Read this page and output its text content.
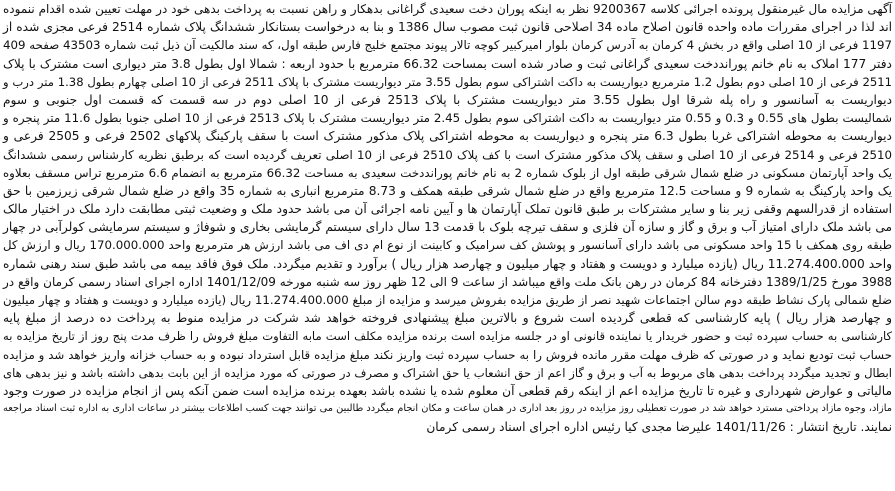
آگهی مزایده مال غیرمنقول پرونده اجرائی کلاسه 9200367 نظر به اینکه پوران دخت سعیدی گراغانی بدهکار و راهن نسبت به پرداخت بدهی خود در مهلت تعیین شده اقدام ننموده
اند لذا در اجرای مقررات ماده واحده قانون اصلاح ماده 34 اصلاحی قانون ثبت مصوب سال 1386 و بنا به درخواست بستانکار ششدانگ پلاک شماره 2514 فرعی مجزی شده از
1197 فرعی از 10 اصلی واقع در بخش 4 کرمان به آدرس کرمان بلوار امیرکبیر کوچه تالار پیوند مجتمع خلیج فارس طبقه اول، که سند مالکیت آن ذیل ثبت شماره 43503 صفحه 409
دفتر 177 املاک به نام خانم پورانددخت سعیدی گراغانی ثبت و صادر شده است بمساحت 66.32 مترمربع با حدود اربعه : شمالا اول بطول 3.8 متر دیواری است مشترک با پلاک
2511 فرعی از 10 اصلی دوم بطول 1.2 مترمربع دیواریست به داکت اشتراکی سوم بطول 3.55 متر دیواریست مشترک با پلاک 2511 فرعی از 10 اصلی چهارم بطول 1.38 متر درب و
دیواریست به آسانسور و راه پله شرقا اول بطول 3.55 متر دیواریست مشترک با پلاک 2513 فرعی از 10 اصلی دوم در سه قسمت که قسمت اول جنوبی و سوم
شمالیست بطول های 0.55 و 0.3 و 0.55 متر دیواریست به داکت اشتراکی سوم بطول 2.45 متر دیواریست مشترک با پلاک 2513 فرعی از 10 اصلی جنوبا بطول 11.6 متر پنجره و
دیواریست به محوطه اشتراکی غربا بطول 6.3 متر پنجره و دیواریست به محوطه اشتراکی پلاک مذکور مشترک است با سقف پارکینگ پلاکهای 2502 فرعی و 2505 فرعی و
2510 فرعی و 2514 فرعی از 10 اصلی و سقف پلاک مذکور مشترک است با کف پلاک 2510 فرعی از 10 اصلی تعریف گردیده است که برطبق نظریه کارشناس رسمی ششدانگ
یک واحد آپارتمان مسکونی در ضلع شمال شرقی طبقه اول از بلوک شماره 2 به نام خانم پورانددخت سعیدی به مساحت 66.32 مترمربع به انضمام 6.6 مترمربع تراس مسقف بعلاوه
یک واحد پارکینگ به شماره 9 و مساحت 12.5 مترمربع واقع در ضلع شمال شرقی طبقه همکف و 8.73 مترمربع انباری به شماره 35 واقع در ضلع شمال شرقی زیرزمین با حق
استفاده از قدرالسهم وقفی زیر بنا و سایر مشترکات بر طبق قانون تملک آپارتمان ها و آیین نامه اجرائی آن می باشد حدود ملک و وضعیت ثبتی مطابقت دارد ملک در اختیار مالک
می باشد ملک دارای امتیاز آب و برق و گاز و سازه آن فلزی و سقف تیرچه بلوک با قدمت 13 سال دارای سیستم گرمایشی بخاری و شوفاژ و سیستم سرمایشی کولرآبی در چهار
طبقه روی همکف با 15 واحد مسکونی می باشد دارای آسانسور و پوشش کف سرامیک و کابینت از نوع ام دی اف می باشد ارزش هر مترمربع واحد 170.000.000 ریال و ارزش کل
واحد 11.274.400.000 ریال (یازده میلیارد و دویست و هفتاد و چهار میلیون و چهارصد هزار ریال ) برآورد و تقدیم میگردد. ملک فوق فاقد بیمه می باشد طبق سند رهنی شماره
3988 مورخ 1389/1/25 دفترخانه 84 کرمان در رهن بانک ملت واقع میباشد از ساعت 9 الی 12 ظهر روز سه شنبه مورخه 1401/12/09 اداره اجرای اسناد رسمی کرمان واقع در
ضلع شمالی پارک نشاط طبقه دوم سالن اجتماعات شهید نصر از طریق مزایده بفروش میرسد و مزایده از مبلغ 11.274.400.000 ریال (یازده میلیارد و دویست و هفتاد و چهار میلیون
و چهارصد هزار ریال ) پایه کارشناسی که قطعی گردیده است شروع و بالاترین مبلغ پیشنهادی فروخته خواهد شد شرکت در مزایده منوط به پرداخت ده درصد از مبلغ پایه
کارشناسی به حساب سپرده ثبت و حضور خریدار یا نماینده قانونی او در جلسه مزایده است برنده مزایده مکلف است مابه التفاوت مبلغ فروش را ظرف مدت پنج روز از تاریخ مزایده به
حساب ثبت تودیع نماید و در صورتی که ظرف مهلت مقرر مانده فروش را به حساب سپرده ثبت واریز نکند مبلغ مزایده قابل استرداد نبوده و به حساب خزانه واریز خواهد شد و مزایده
ابطال و تجدید میگردد پرداخت بدهی های مربوط به آب و برق و گاز اعم از حق انشعاب یا حق اشتراک و مصرف در صورتی که مورد مزایده از این بابت بدهی داشته باشد و نیز بدهی های
مالیاتی و عوارض شهرداری و غیره تا تاریخ مزایده اعم از اینکه رقم قطعی آن معلوم شده یا نشده باشد بعهده برنده مزایده است ضمن آنکه پس از انجام مزایده در صورت وجود
مازاد، وجوه مازاد پرداختی مسترد خواهد شد در صورت تعطیلی روز مزایده در روز بعد اداری در همان ساعت و مکان انجام میگردد طالبین می توانند جهت کسب اطلاعات بیشتر در ساعات اداری به اداره ثبت اسناد مراجعه
نمایند. تاریخ انتشار : 1401/11/26 علیرضا مجدی کیا رئیس اداره اجرای اسناد رسمی کرمان
